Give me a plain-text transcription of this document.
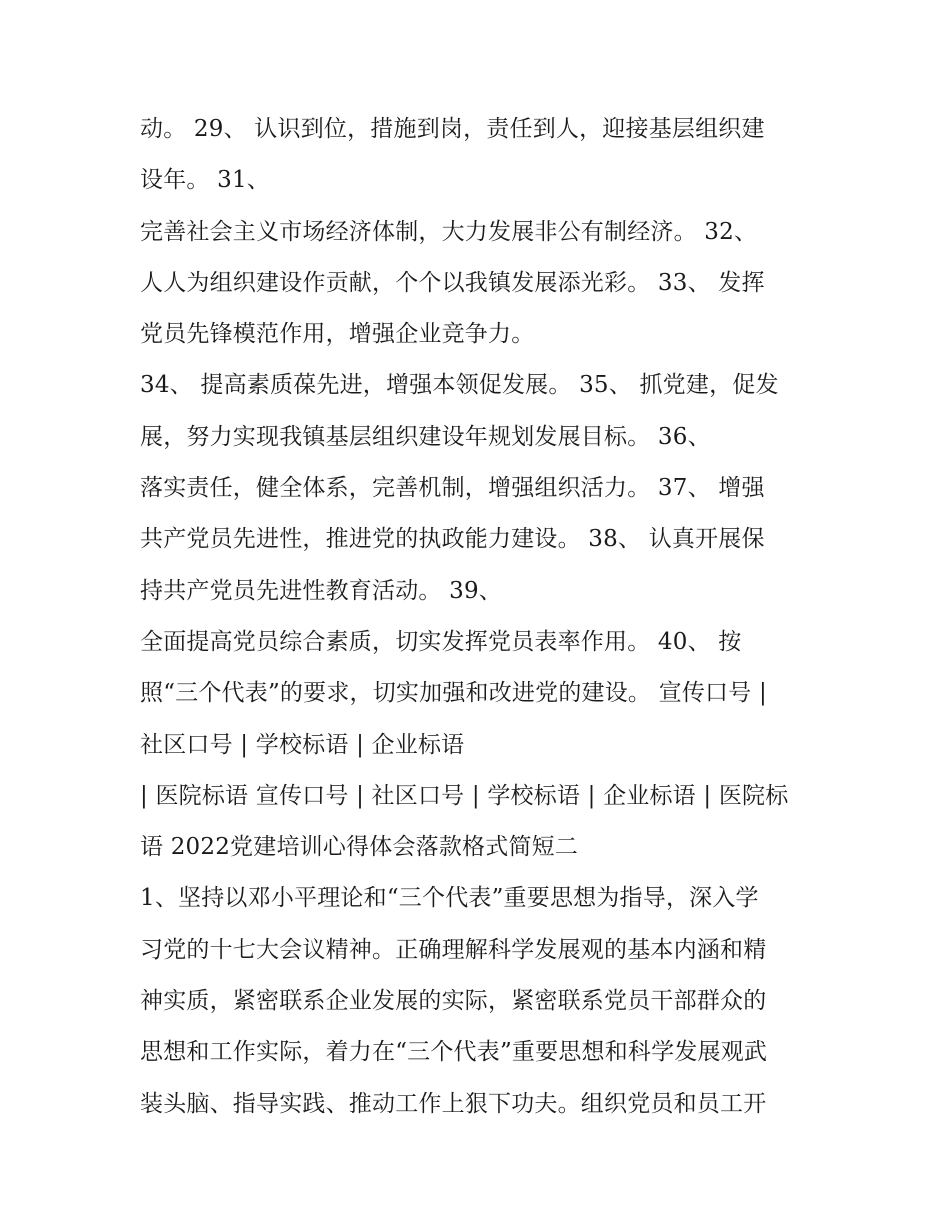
动。 29、 认识到位，措施到岗，责任到人，迎接基层组织建
设年。 31、
完善社会主义市场经济体制，大力发展非公有制经济。 32、
人人为组织建设作贡献，个个以我镇发展添光彩。 33、 发挥
党员先锋模范作用，增强企业竞争力。
34、 提高素质葆先进，增强本领促发展。 35、 抓党建，促发
展，努力实现我镇基层组织建设年规划发展目标。 36、
落实责任，健全体系，完善机制，增强组织活力。 37、 增强
共产党员先进性，推进党的执政能力建设。 38、 认真开展保
持共产党员先进性教育活动。 39、
全面提高党员综合素质，切实发挥党员表率作用。 40、 按
照“三个代表”的要求，切实加强和改进党的建设。 宣传口号 |
社区口号 | 学校标语 | 企业标语
| 医院标语 宣传口号 | 社区口号 | 学校标语 | 企业标语 | 医院标
语 2022党建培训心得体会落款格式简短二
1、坚持以邓小平理论和“三个代表”重要思想为指导，深入学
习党的十七大会议精神。正确理解科学发展观的基本内涵和精
神实质，紧密联系企业发展的实际，紧密联系党员干部群众的
思想和工作实际，着力在“三个代表”重要思想和科学发展观武
装头脑、指导实践、推动工作上狠下功夫。组织党员和员工开
